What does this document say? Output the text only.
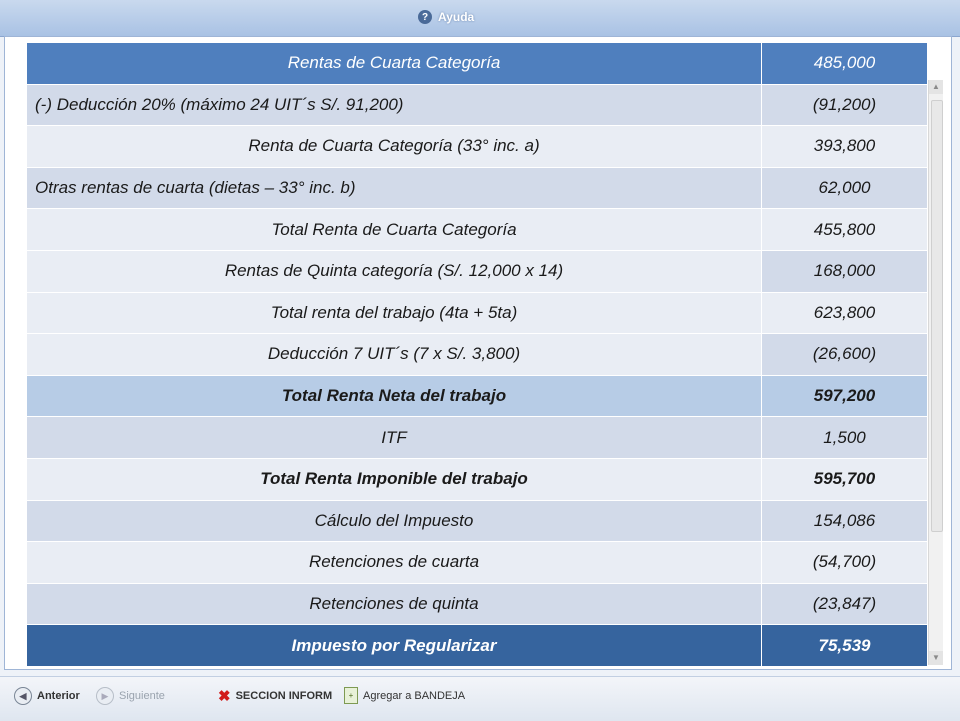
? Ayuda
▲
▼
Rentas de Cuarta Categoría	485,000
(-) Deducción 20% (máximo 24 UIT´s S/. 91,200)	(91,200)
Renta de Cuarta Categoría (33° inc. a)	393,800
Otras rentas de cuarta (dietas – 33° inc. b)	62,000
Total Renta de Cuarta Categoría	455,800
Rentas de Quinta categoría (S/. 12,000 x 14)	168,000
Total renta del trabajo (4ta + 5ta)	623,800
Deducción 7 UIT´s (7 x S/. 3,800)	(26,600)
Total Renta Neta del trabajo	597,200
ITF	1,500
Total Renta Imponible del trabajo	595,700
Cálculo del Impuesto	154,086
Retenciones de cuarta	(54,700)
Retenciones de quinta	(23,847)
Impuesto por Regularizar	75,539
◀ Anterior	▶ Siguiente	✖ SECCION INFORM	+ Agregar a BANDEJA
